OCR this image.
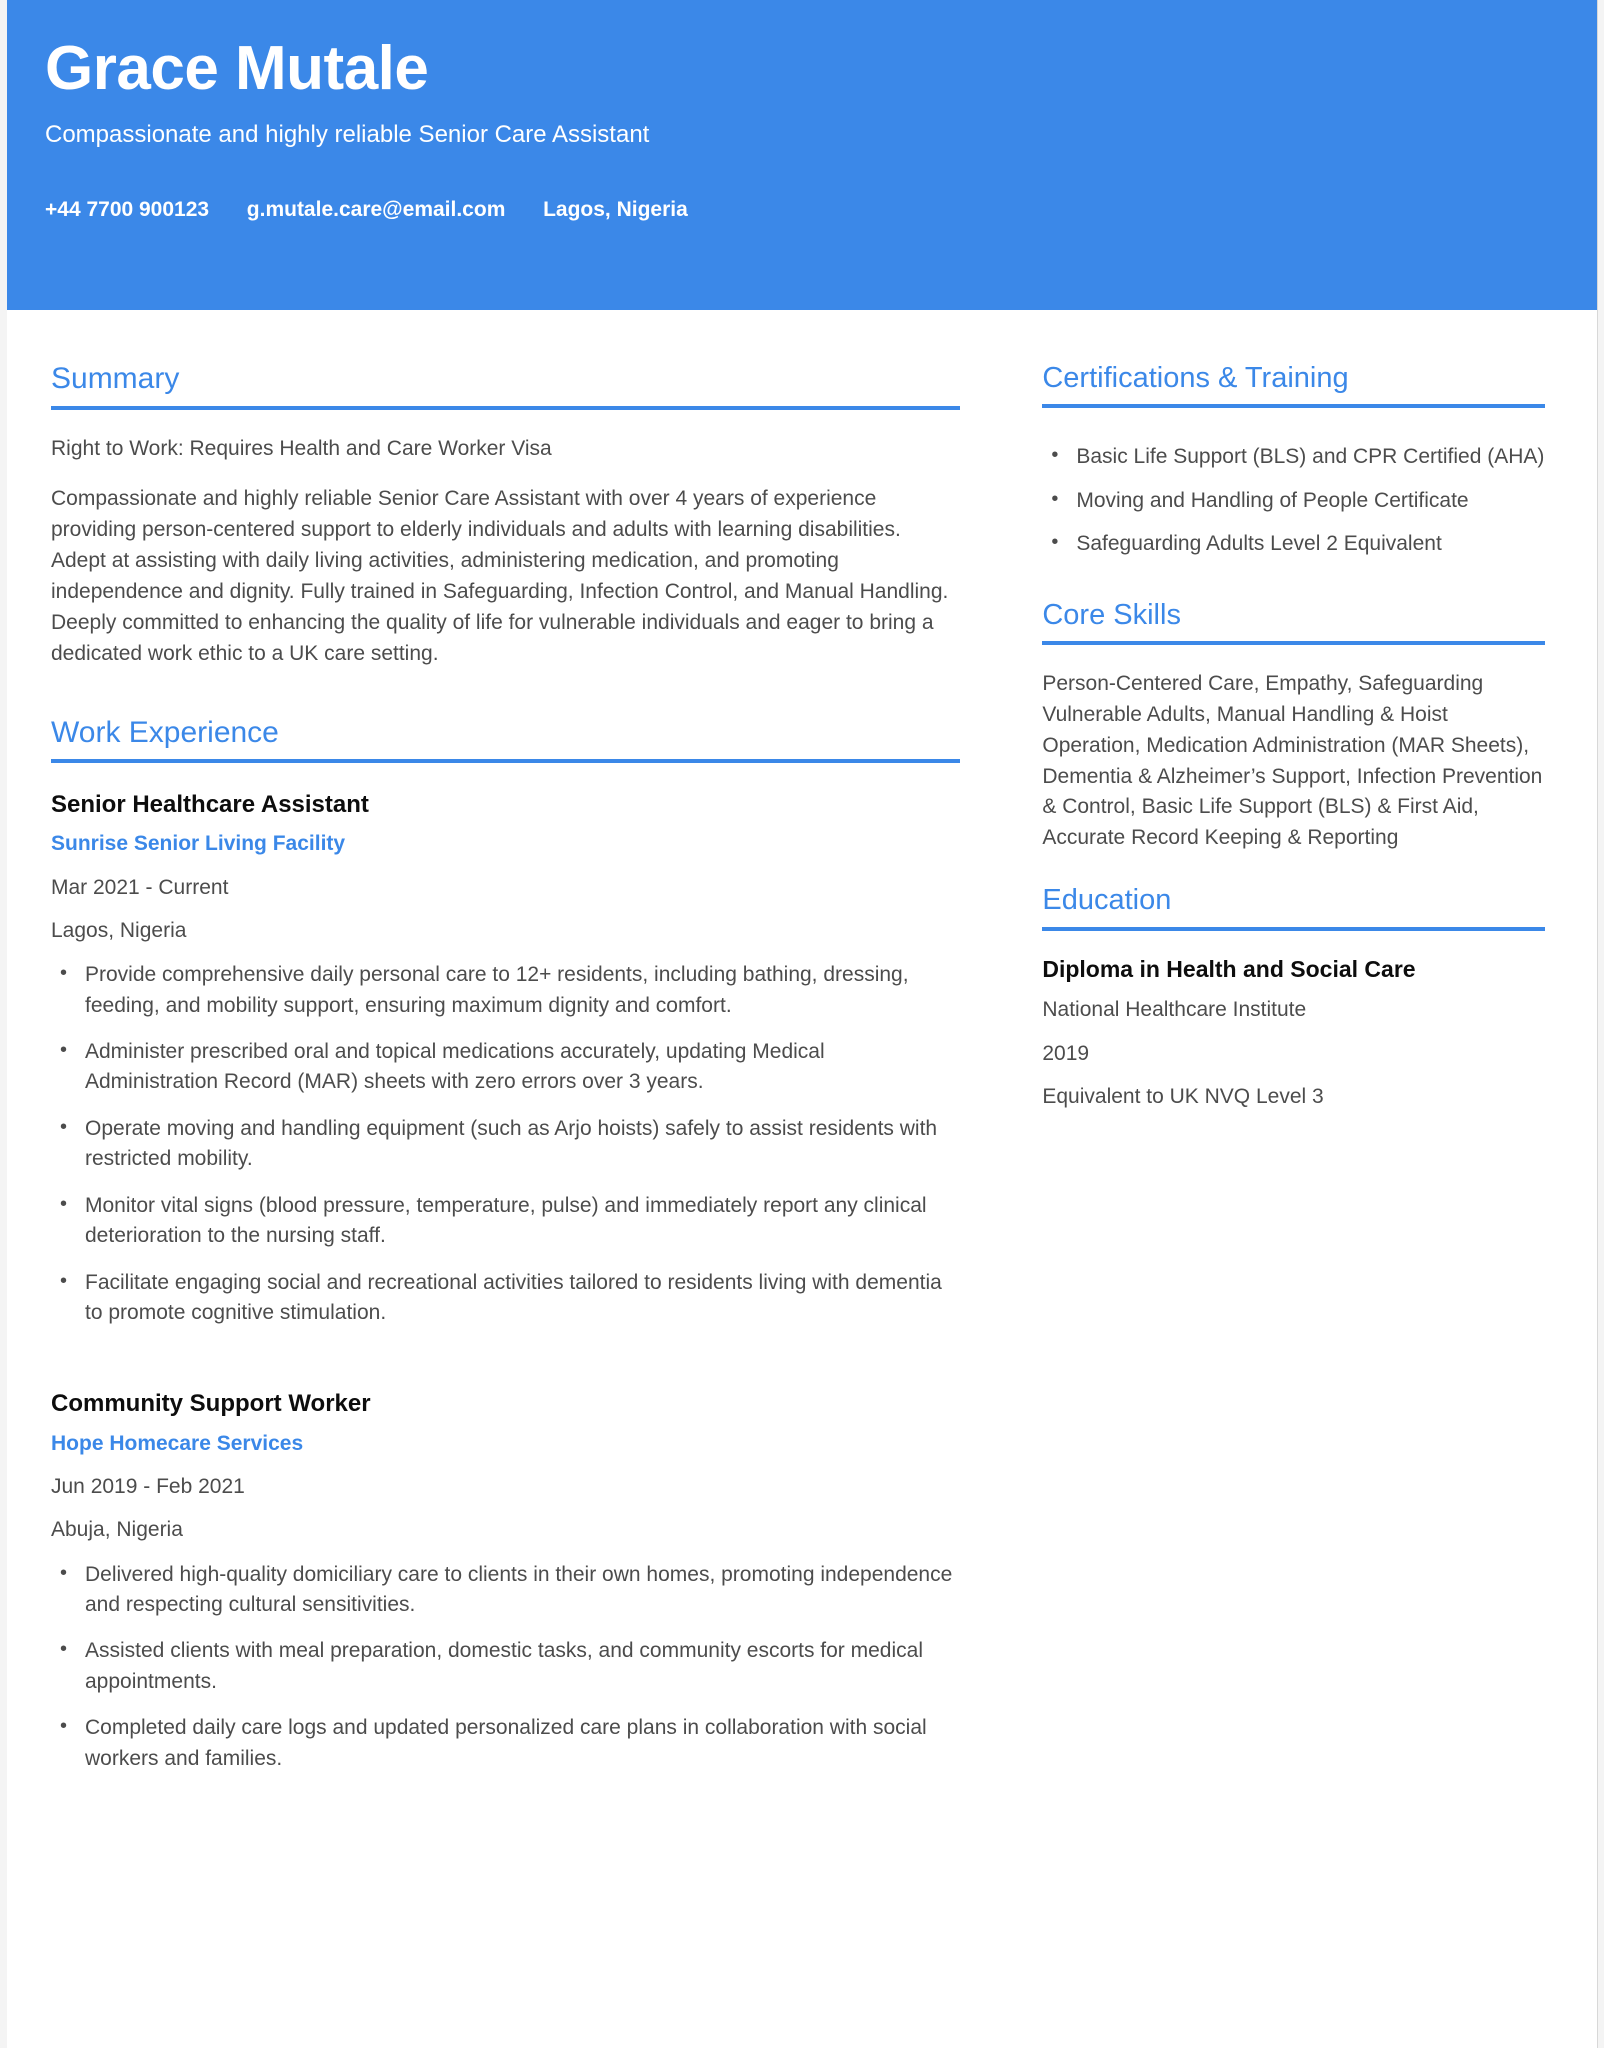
Grace Mutale
Compassionate and highly reliable Senior Care Assistant
+44 7700 900123 g.mutale.care@email.com Lagos, Nigeria
Summary

Right to Work: Requires Health and Care Worker Visa

Compassionate and highly reliable Senior Care Assistant with over 4 years of experience providing person-centered support to elderly individuals and adults with learning disabilities. Adept at assisting with daily living activities, administering medication, and promoting independence and dignity. Fully trained in Safeguarding, Infection Control, and Manual Handling. Deeply committed to enhancing the quality of life for vulnerable individuals and eager to bring a dedicated work ethic to a UK care setting.

Work Experience
Senior Healthcare Assistant
Sunrise Senior Living Facility
Mar 2021 - Current
Lagos, Nigeria
• Provide comprehensive daily personal care to 12+ residents, including bathing, dressing, feeding, and mobility support, ensuring maximum dignity and comfort.
• Administer prescribed oral and topical medications accurately, updating Medical Administration Record (MAR) sheets with zero errors over 3 years.
• Operate moving and handling equipment (such as Arjo hoists) safely to assist residents with restricted mobility.
• Monitor vital signs (blood pressure, temperature, pulse) and immediately report any clinical deterioration to the nursing staff.
• Facilitate engaging social and recreational activities tailored to residents living with dementia to promote cognitive stimulation.
Community Support Worker
Hope Homecare Services
Jun 2019 - Feb 2021
Abuja, Nigeria
• Delivered high-quality domiciliary care to clients in their own homes, promoting independence and respecting cultural sensitivities.
• Assisted clients with meal preparation, domestic tasks, and community escorts for medical appointments.
• Completed daily care logs and updated personalized care plans in collaboration with social workers and families.
Certifications & Training
• Basic Life Support (BLS) and CPR Certified (AHA)
• Moving and Handling of People Certificate
• Safeguarding Adults Level 2 Equivalent
Core Skills

Person-Centered Care, Empathy, Safeguarding Vulnerable Adults, Manual Handling & Hoist Operation, Medication Administration (MAR Sheets), Dementia & Alzheimer’s Support, Infection Prevention & Control, Basic Life Support (BLS) & First Aid, Accurate Record Keeping & Reporting

Education
Diploma in Health and Social Care
National Healthcare Institute
2019
Equivalent to UK NVQ Level 3
